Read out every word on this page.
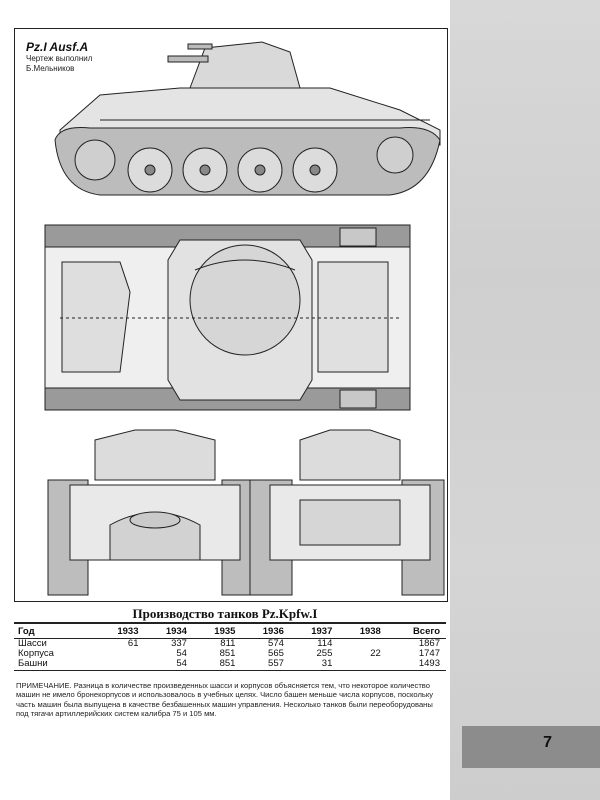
Pz.I Ausf.A
Чертеж выполнил
Б.Мельников
Производство танков Pz.Kpfw.I
Год	1933	1934	1935	1936	1937	1938	Всего
Шасси	61	337	811	574	114		1867
Корпуса		54	851	565	255	22	1747
Башни		54	851	557	31		1493
ПРИМЕЧАНИЕ. Разница в количестве произведенных шасси и корпусов объясняется тем, что некоторое количество машин не имело бронекорпусов и использовалось в учебных целях. Число башен меньше числа корпусов, поскольку часть машин была выпущена в качестве безбашенных машин управления. Несколько танков были переоборудованы под тягачи артиллерийских систем калибра 75 и 105 мм.
7
